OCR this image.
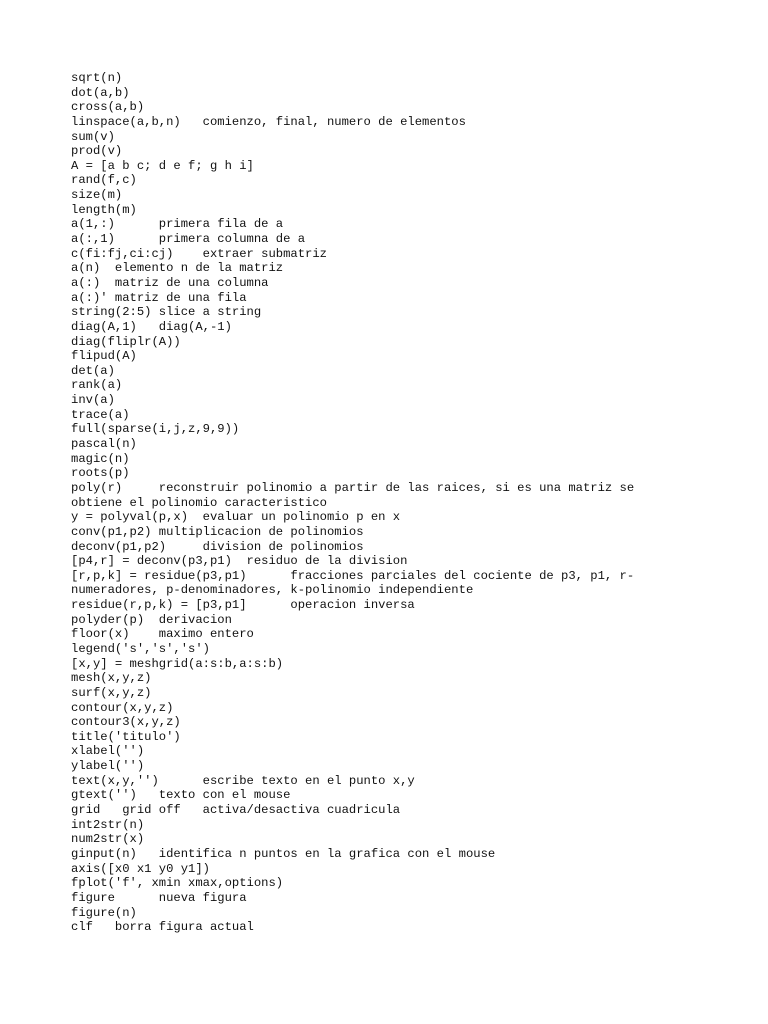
sqrt(n)
dot(a,b)
cross(a,b)
linspace(a,b,n)   comienzo, final, numero de elementos
sum(v)
prod(v)
A = [a b c; d e f; g h i]
rand(f,c)
size(m)
length(m)
a(1,:)      primera fila de a
a(:,1)      primera columna de a
c(fi:fj,ci:cj)    extraer submatriz
a(n)  elemento n de la matriz
a(:)  matriz de una columna
a(:)' matriz de una fila
string(2:5) slice a string
diag(A,1)   diag(A,-1)
diag(fliplr(A))
flipud(A)
det(a)
rank(a)
inv(a)
trace(a)
full(sparse(i,j,z,9,9))
pascal(n)
magic(n)
roots(p)
poly(r)     reconstruir polinomio a partir de las raices, si es una matriz se
obtiene el polinomio caracteristico
y = polyval(p,x)  evaluar un polinomio p en x
conv(p1,p2) multiplicacion de polinomios
deconv(p1,p2)     division de polinomios
[p4,r] = deconv(p3,p1)  residuo de la division
[r,p,k] = residue(p3,p1)      fracciones parciales del cociente de p3, p1, r-
numeradores, p-denominadores, k-polinomio independiente
residue(r,p,k) = [p3,p1]      operacion inversa
polyder(p)  derivacion
floor(x)    maximo entero
legend('s','s','s')
[x,y] = meshgrid(a:s:b,a:s:b)
mesh(x,y,z)
surf(x,y,z)
contour(x,y,z)
contour3(x,y,z)
title('titulo')
xlabel('')
ylabel('')
text(x,y,'')      escribe texto en el punto x,y
gtext('')   texto con el mouse
grid   grid off   activa/desactiva cuadricula
int2str(n)
num2str(x)
ginput(n)   identifica n puntos en la grafica con el mouse
axis([x0 x1 y0 y1])
fplot('f', xmin xmax,options)
figure      nueva figura
figure(n)
clf   borra figura actual
